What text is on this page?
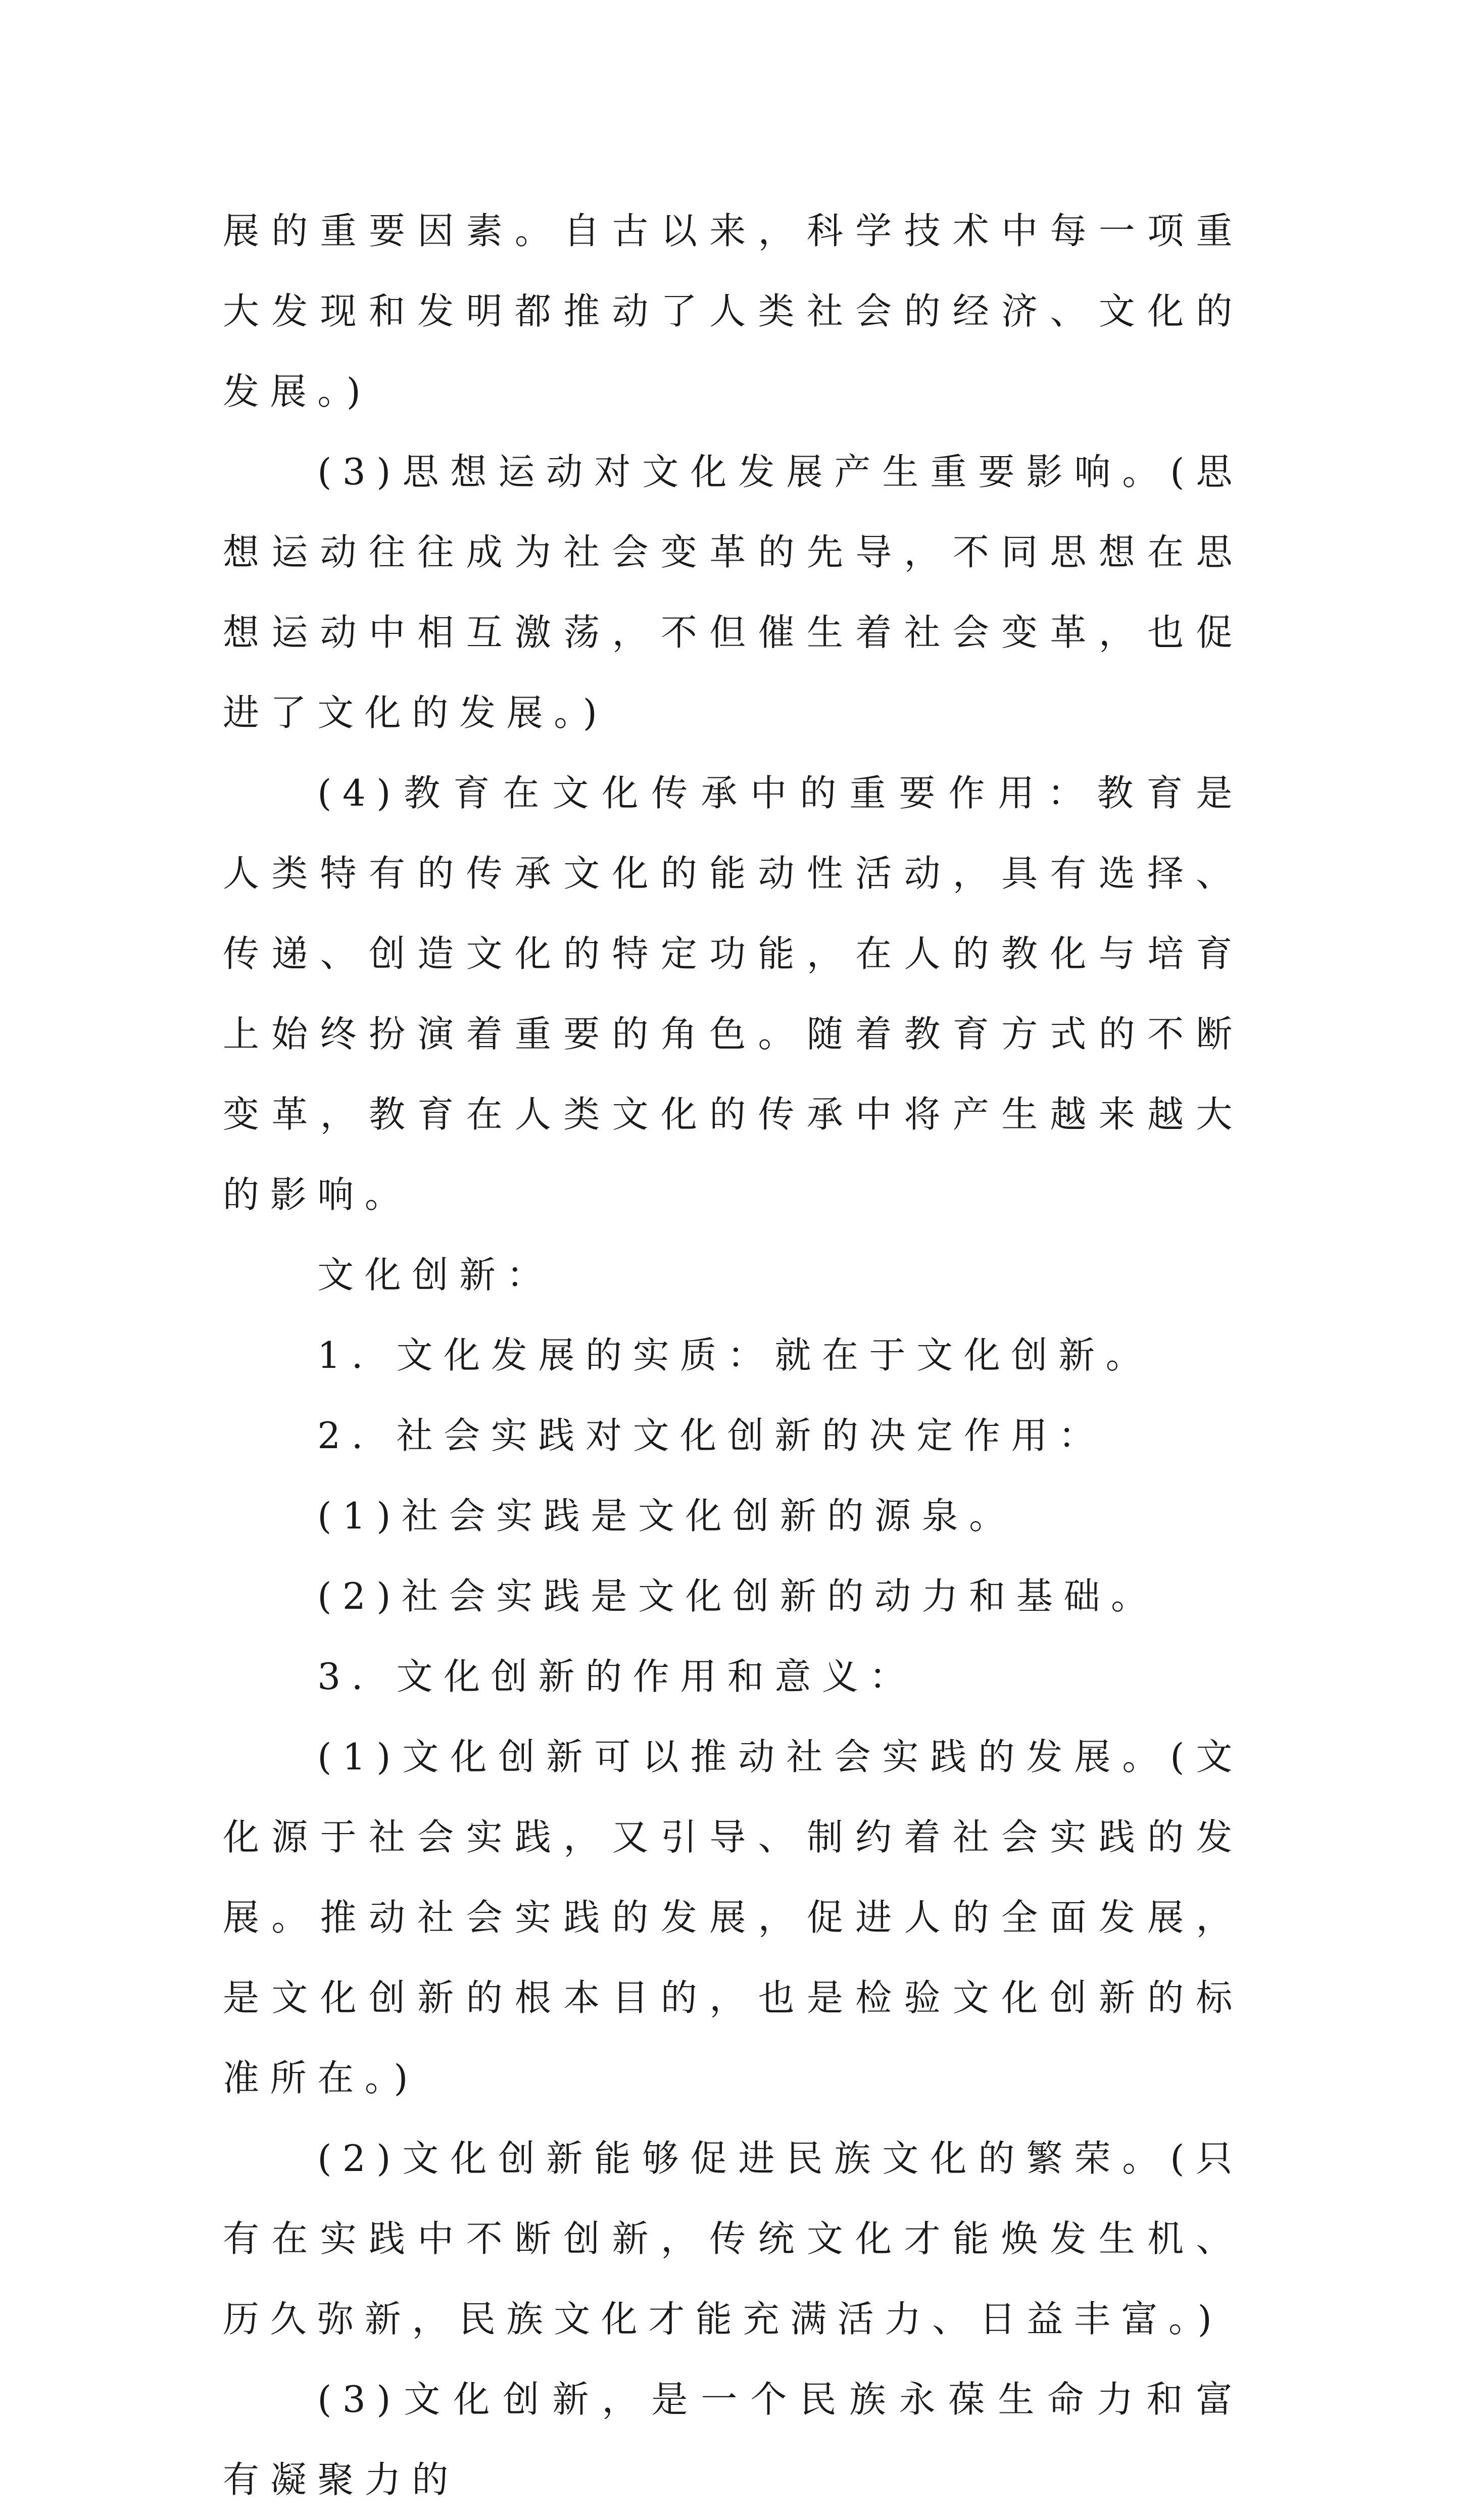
展的重要因素。自古以来，科学技术中每一项重大发现和发明都推动了人类社会的经济、文化的发展。)

(3)思想运动对文化发展产生重要影响。(思想运动往往成为社会变革的先导，不同思想在思想运动中相互激荡，不但催生着社会变革，也促进了文化的发展。)

(4)教育在文化传承中的重要作用：教育是人类特有的传承文化的能动性活动，具有选择、传递、创造文化的特定功能，在人的教化与培育上始终扮演着重要的角色。随着教育方式的不断变革，教育在人类文化的传承中将产生越来越大的影响。

文化创新：

1. 文化发展的实质：就在于文化创新。

2. 社会实践对文化创新的决定作用：

(1)社会实践是文化创新的源泉。

(2)社会实践是文化创新的动力和基础。

3. 文化创新的作用和意义：

(1)文化创新可以推动社会实践的发展。(文化源于社会实践，又引导、制约着社会实践的发展。推动社会实践的发展，促进人的全面发展，是文化创新的根本目的，也是检验文化创新的标准所在。)

(2)文化创新能够促进民族文化的繁荣。(只有在实践中不断创新，传统文化才能焕发生机、历久弥新，民族文化才能充满活力、日益丰富。)

(3)文化创新，是一个民族永葆生命力和富有凝聚力的
